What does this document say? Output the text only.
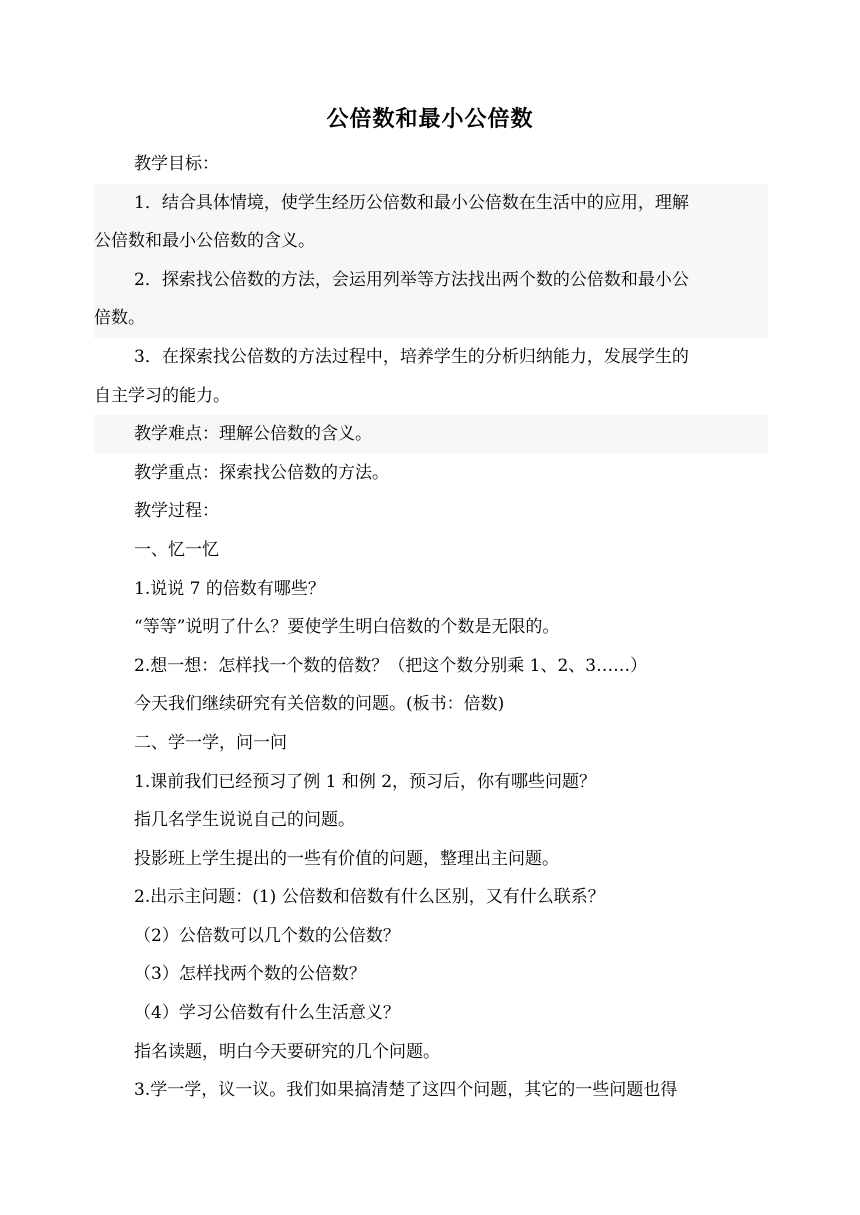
公倍数和最小公倍数

教学目标：

1．结合具体情境，使学生经历公倍数和最小公倍数在生活中的应用，理解

公倍数和最小公倍数的含义。

2．探索找公倍数的方法，会运用列举等方法找出两个数的公倍数和最小公

倍数。

3．在探索找公倍数的方法过程中，培养学生的分析归纳能力，发展学生的

自主学习的能力。

教学难点：理解公倍数的含义。

教学重点：探索找公倍数的方法。

教学过程：

一、忆一忆

1.说说 7 的倍数有哪些？

“等等”说明了什么？要使学生明白倍数的个数是无限的。

2.想一想：怎样找一个数的倍数？（把这个数分别乘 1、2、3……）

今天我们继续研究有关倍数的问题。(板书：倍数)

二、学一学，问一问

1.课前我们已经预习了例 1 和例 2，预习后，你有哪些问题？

指几名学生说说自己的问题。

投影班上学生提出的一些有价值的问题，整理出主问题。

2.出示主问题：(1) 公倍数和倍数有什么区别，又有什么联系？

（2）公倍数可以几个数的公倍数？

（3）怎样找两个数的公倍数？

（4）学习公倍数有什么生活意义？

指名读题，明白今天要研究的几个问题。

3.学一学，议一议。我们如果搞清楚了这四个问题，其它的一些问题也得
